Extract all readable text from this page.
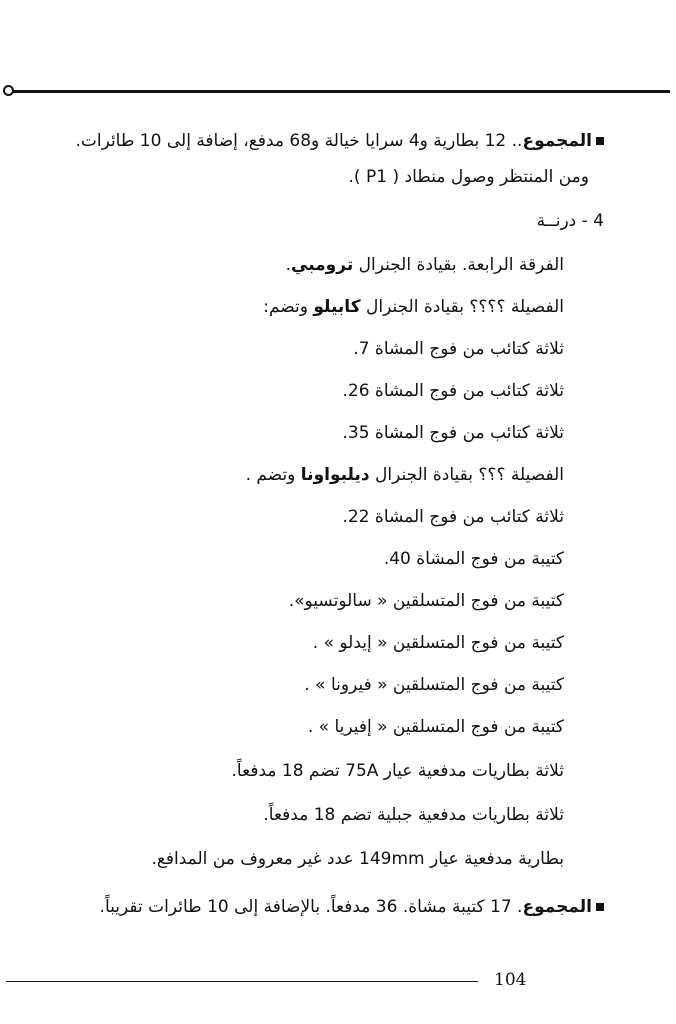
المجموع.. 12 بطارية و4 سرايا خيالة و68 مدفع، إضافة إلى 10 طائرات.
ومن المنتظر وصول منطاد ( P1 ).
4 - درنــة
الفرقة الرابعة. بقيادة الجنرال ترومبي.
الفصيلة ؟؟؟؟ بقيادة الجنرال كابيلو وتضم:
ثلاثة كتائب من فوج المشاة 7.
ثلاثة كتائب من فوج المشاة 26.
ثلاثة كتائب من فوج المشاة 35.
الفصيلة ؟؟؟ بقيادة الجنرال ديلبواونا وتضم .
ثلاثة كتائب من فوج المشاة 22.
كتيبة من فوج المشاة 40.
كتيبة من فوج المتسلقين « سالوتسيو».
كتيبة من فوج المتسلقين « إيدلو » .
كتيبة من فوج المتسلقين « فيرونا » .
كتيبة من فوج المتسلقين « إفيريا » .
ثلاثة بطاريات مدفعية عيار 75A تضم 18 مدفعاً.
ثلاثة بطاريات مدفعية جبلية تضم 18 مدفعاً.
بطارية مدفعية عيار 149mm عدد غير معروف من المدافع.
المجموع. 17 كتيبة مشاة. 36 مدفعاً. بالإضافة إلى 10 طائرات تقريباً.
104
